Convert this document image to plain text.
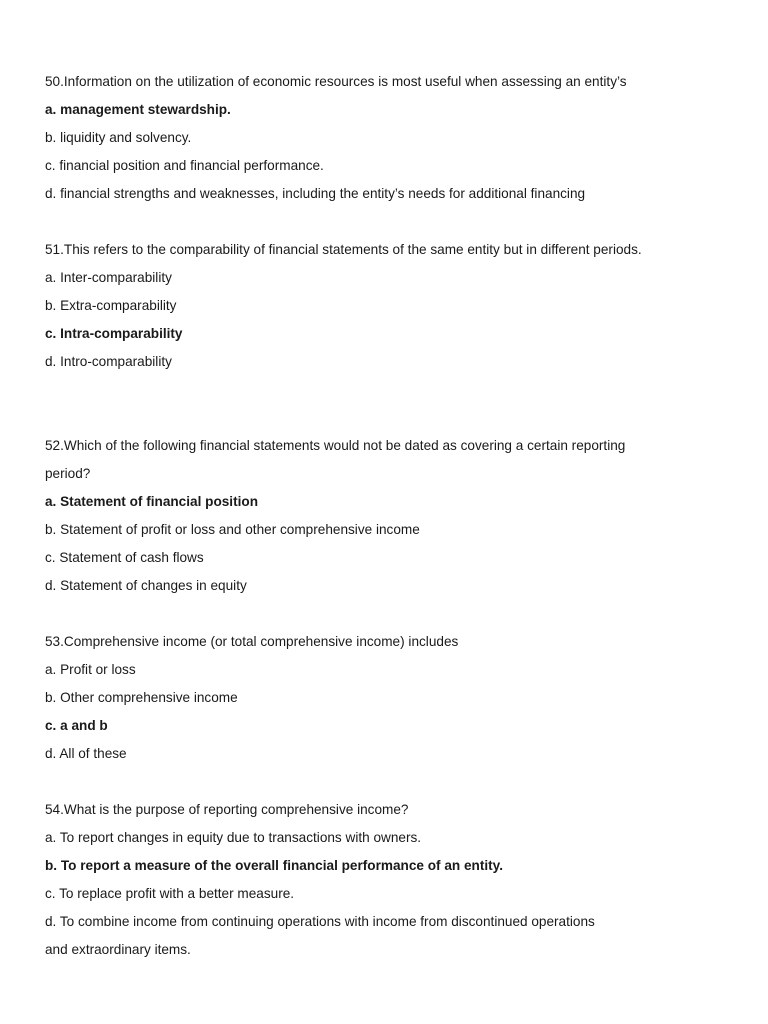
50.Information on the utilization of economic resources is most useful when assessing an entity’s
a. management stewardship.
b. liquidity and solvency.
c. financial position and financial performance.
d. financial strengths and weaknesses, including the entity’s needs for additional financing
51.This refers to the comparability of financial statements of the same entity but in different periods.
a. Inter-comparability
b. Extra-comparability
c. Intra-comparability
d. Intro-comparability
52.Which of the following financial statements would not be dated as covering a certain reporting
period?
a. Statement of financial position
b. Statement of profit or loss and other comprehensive income
c. Statement of cash flows
d. Statement of changes in equity
53.Comprehensive income (or total comprehensive income) includes
a. Profit or loss
b. Other comprehensive income
c. a and b
d. All of these
54.What is the purpose of reporting comprehensive income?
a. To report changes in equity due to transactions with owners.
b. To report a measure of the overall financial performance of an entity.
c. To replace profit with a better measure.
d. To combine income from continuing operations with income from discontinued operations
and extraordinary items.
